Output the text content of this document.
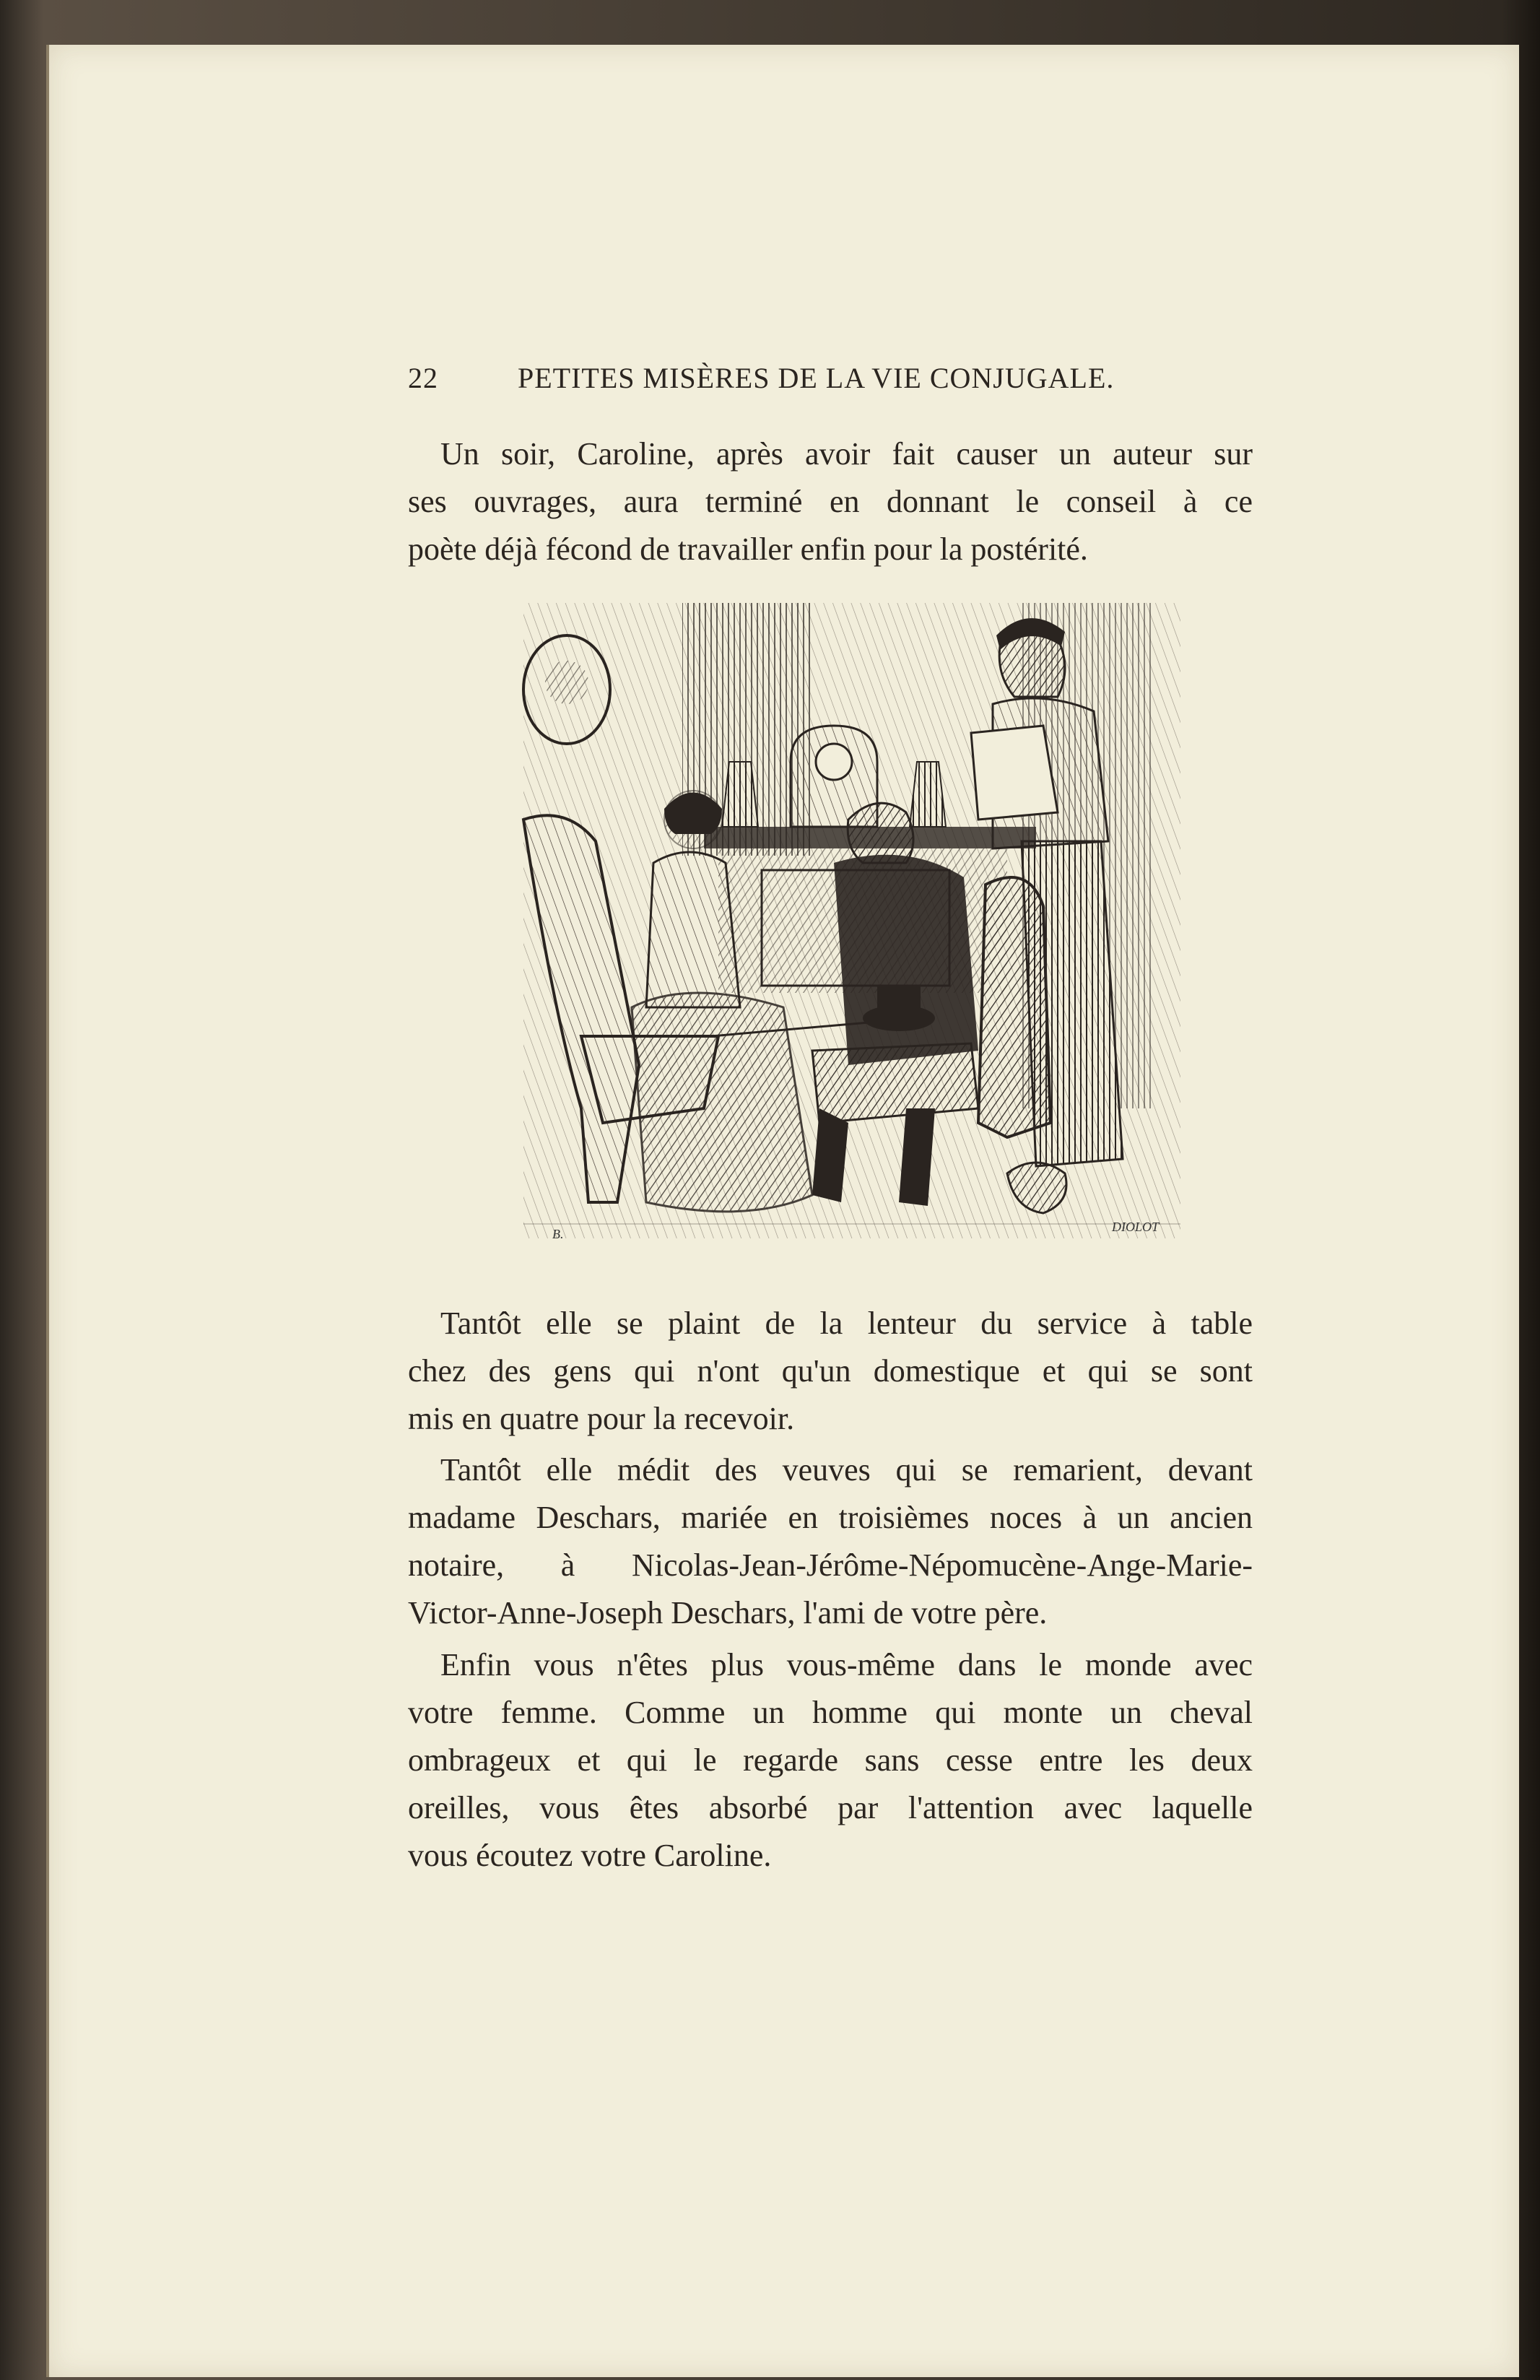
22	PETITES MISÈRES DE LA VIE CONJUGALE.
Un soir, Caroline, après avoir fait causer un auteur sur
ses ouvrages, aura terminé en donnant le conseil à ce
poète déjà fécond de travailler enfin pour la postérité.
B.	DIOLOT
Tantôt elle se plaint de la lenteur du service à table
chez des gens qui n'ont qu'un domestique et qui se sont
mis en quatre pour la recevoir.
Tantôt elle médit des veuves qui se remarient, devant
madame Deschars, mariée en troisièmes noces à un ancien
notaire, à Nicolas-Jean-Jérôme-Népomucène-Ange-Marie-
Victor-Anne-Joseph Deschars, l'ami de votre père.
Enfin vous n'êtes plus vous-même dans le monde avec
votre femme. Comme un homme qui monte un cheval
ombrageux et qui le regarde sans cesse entre les deux
oreilles, vous êtes absorbé par l'attention avec laquelle
vous écoutez votre Caroline.
